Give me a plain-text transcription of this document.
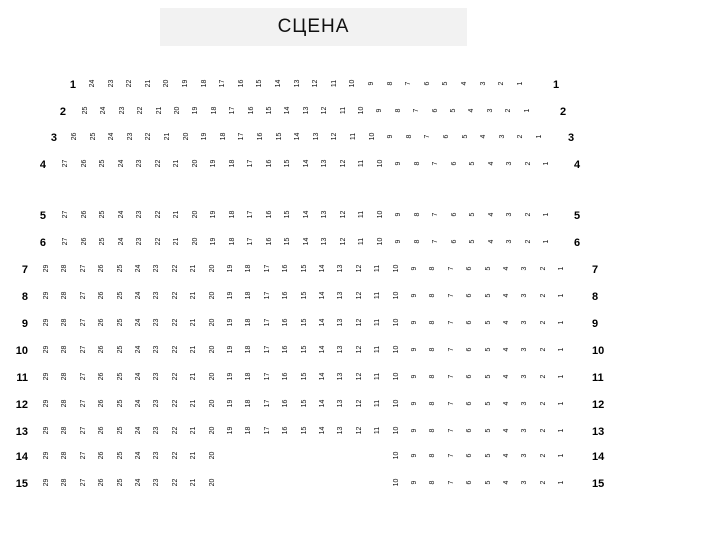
СЦЕНА
1	1
24 23 22 21 20 19 18 17 16 15 14 13 12 11 10 9 8 7 6 5 4 3 2 1
2	2
25 24 23 22 21 20 19 18 17 16 15 14 13 12 11 10 9 8 7 6 5 4 3 2 1
3	3
26 25 24 23 22 21 20 19 18 17 16 15 14 13 12 11 10 9 8 7 6 5 4 3 2 1
4	4
27 26 25 24 23 22 21 20 19 18 17 16 15 14 13 12 11 10 9 8 7 6 5 4 3 2 1
5	5
27 26 25 24 23 22 21 20 19 18 17 16 15 14 13 12 11 10 9 8 7 6 5 4 3 2 1
6	6
27 26 25 24 23 22 21 20 19 18 17 16 15 14 13 12 11 10 9 8 7 6 5 4 3 2 1
7	7
29 28 27 26 25 24 23 22 21 20 19 18 17 16 15 14 13 12 11 10 9 8 7 6 5 4 3 2 1
8	8
29 28 27 26 25 24 23 22 21 20 19 18 17 16 15 14 13 12 11 10 9 8 7 6 5 4 3 2 1
9	9
29 28 27 26 25 24 23 22 21 20 19 18 17 16 15 14 13 12 11 10 9 8 7 6 5 4 3 2 1
10	10
29 28 27 26 25 24 23 22 21 20 19 18 17 16 15 14 13 12 11 10 9 8 7 6 5 4 3 2 1
11	11
29 28 27 26 25 24 23 22 21 20 19 18 17 16 15 14 13 12 11 10 9 8 7 6 5 4 3 2 1
12	12
29 28 27 26 25 24 23 22 21 20 19 18 17 16 15 14 13 12 11 10 9 8 7 6 5 4 3 2 1
13	13
29 28 27 26 25 24 23 22 21 20 19 18 17 16 15 14 13 12 11 10 9 8 7 6 5 4 3 2 1
14	14
29 28 27 26 25 24 23 22 21 20	10 9 8 7 6 5 4 3 2 1
15	15
29 28 27 26 25 24 23 22 21 20	10 9 8 7 6 5 4 3 2 1
